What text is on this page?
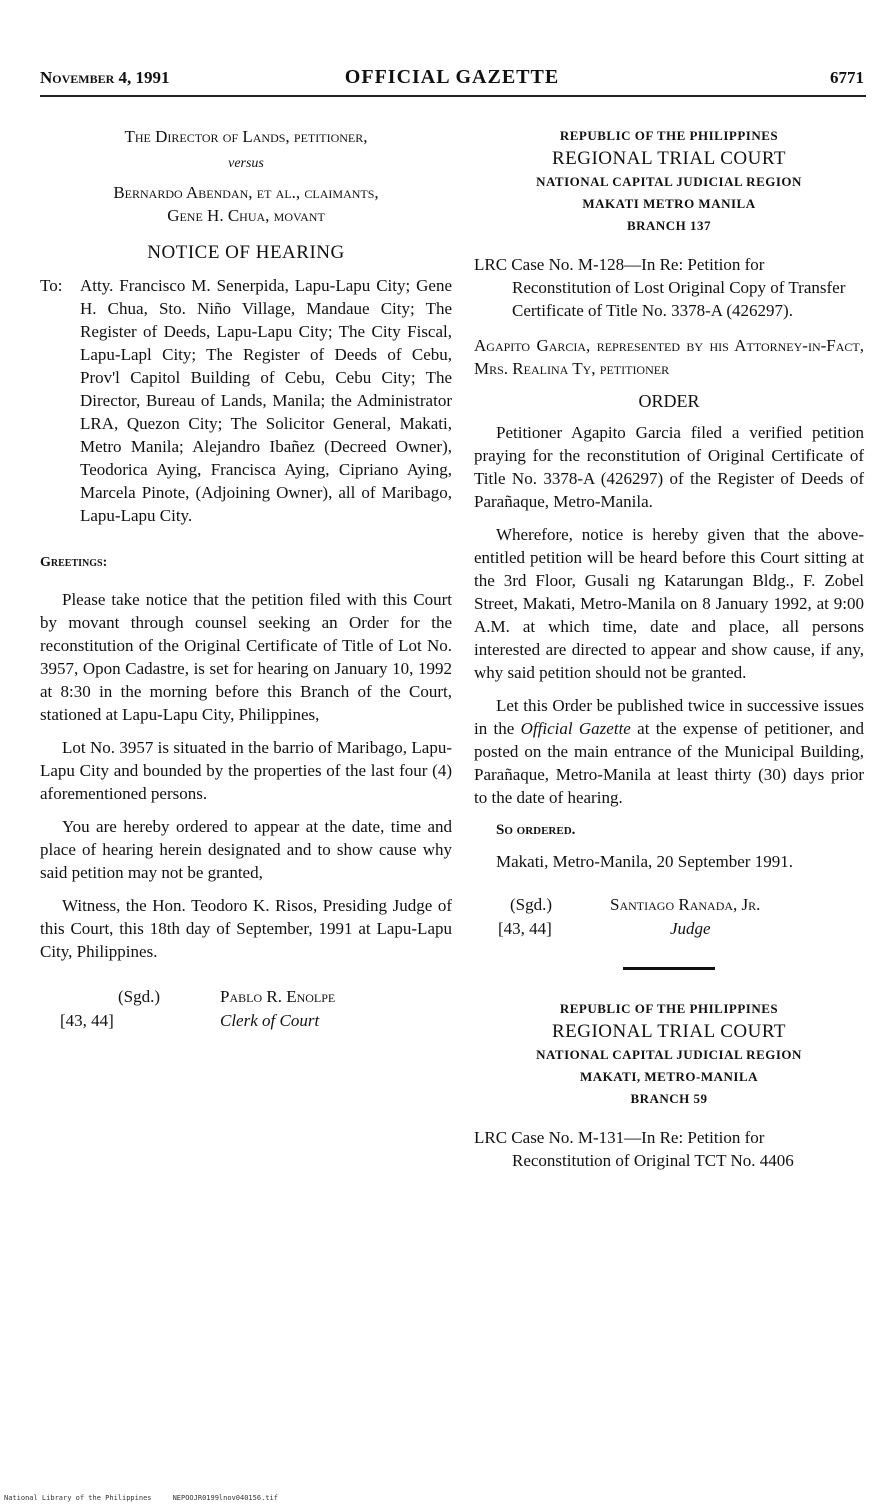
November 4, 1991	OFFICIAL GAZETTE	6771

The Director of Lands, petitioner,

versus

Bernardo Abendan, et al., claimants,

Gene H. Chua, movant

NOTICE OF HEARING
To:	Atty. Francisco M. Senerpida, Lapu-Lapu City; Gene H. Chua, Sto. Niño Village, Mandaue City; The Register of Deeds, Lapu-Lapu City; The City Fiscal, Lapu-Lapl City; The Register of Deeds of Cebu, Prov'l Capitol Building of Cebu, Cebu City; The Director, Bureau of Lands, Manila; the Administrator LRA, Quezon City; The Solicitor General, Makati, Metro Manila; Alejandro Ibañez (Decreed Owner), Teodorica Aying, Francisca Aying, Cipriano Aying, Marcela Pinote, (Adjoining Owner), all of Maribago, Lapu-Lapu City.
Greetings:

Please take notice that the petition filed with this Court by movant through counsel seeking an Order for the reconstitution of the Original Certificate of Title of Lot No. 3957, Opon Cadastre, is set for hearing on January 10, 1992 at 8:30 in the morning before this Branch of the Court, stationed at Lapu-Lapu City, Philippines,

Lot No. 3957 is situated in the barrio of Maribago, Lapu-Lapu City and bounded by the properties of the last four (4) aforementioned persons.

You are hereby ordered to appear at the date, time and place of hearing herein designated and to show cause why said petition may not be granted,

Witness, the Hon. Teodoro K. Risos, Presiding Judge of this Court, this 18th day of September, 1991 at Lapu-Lapu City, Philippines.

(Sgd.)	Pablo R. Enolpe
[43, 44]	Clerk of Court
REPUBLIC OF THE PHILIPPINES
REGIONAL TRIAL COURT
NATIONAL CAPITAL JUDICIAL REGION
MAKATI METRO MANILA
BRANCH 137

LRC Case No. M-128—In Re: Petition for Reconstitution of Lost Original Copy of Transfer Certificate of Title No. 3378-A (426297).

Agapito Garcia, represented by his Attorney-in-Fact, Mrs. Realina Ty, petitioner

ORDER

Petitioner Agapito Garcia filed a verified petition praying for the reconstitution of Original Certificate of Title No. 3378-A (426297) of the Register of Deeds of Parañaque, Metro-Manila.

Wherefore, notice is hereby given that the above-entitled petition will be heard before this Court sitting at the 3rd Floor, Gusali ng Katarungan Bldg., F. Zobel Street, Makati, Metro-Manila on 8 January 1992, at 9:00 A.M. at which time, date and place, all persons interested are directed to appear and show cause, if any, why said petition should not be granted.

Let this Order be published twice in successive issues in the Official Gazette at the expense of petitioner, and posted on the main entrance of the Municipal Building, Parañaque, Metro-Manila at least thirty (30) days prior to the date of hearing.

So ordered.

Makati, Metro-Manila, 20 September 1991.

(Sgd.)	Santiago Ranada, Jr.
[43, 44]	Judge
REPUBLIC OF THE PHILIPPINES
REGIONAL TRIAL COURT
NATIONAL CAPITAL JUDICIAL REGION
MAKATI, METRO-MANILA
BRANCH 59

LRC Case No. M-131—In Re: Petition for Reconstitution of Original TCT No. 4406

National Library of the Philippines     NEPOOJR0199lnov040156.tif
